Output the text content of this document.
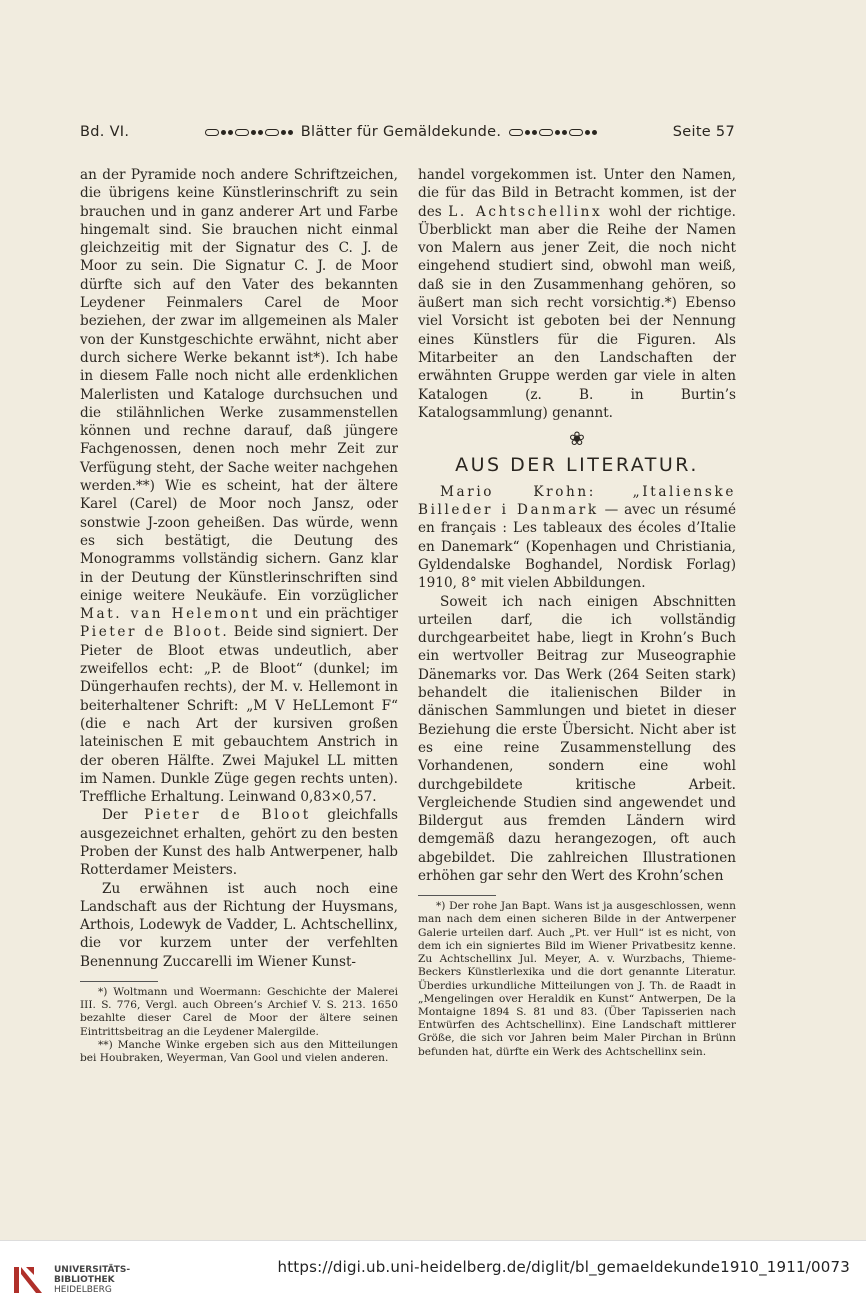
Bd. VI.	Blätter für Gemäldekunde.	Seite 57

an der Pyramide noch andere Schriftzeichen, die übrigens keine Künstlerinschrift zu sein brauchen und in ganz anderer Art und Farbe hingemalt sind. Sie brauchen nicht einmal gleichzeitig mit der Signatur des C. J. de Moor zu sein. Die Signatur C. J. de Moor dürfte sich auf den Vater des bekannten Leydener Feinmalers Carel de Moor beziehen, der zwar im allgemeinen als Maler von der Kunstgeschichte erwähnt, nicht aber durch sichere Werke bekannt ist*). Ich habe in diesem Falle noch nicht alle erdenklichen Malerlisten und Kataloge durchsuchen und die stilähnlichen Werke zusammenstellen können und rechne darauf, daß jüngere Fachgenossen, denen noch mehr Zeit zur Verfügung steht, der Sache weiter nachgehen werden.**) Wie es scheint, hat der ältere Karel (Carel) de Moor noch Jansz, oder sonstwie J-zoon geheißen. Das würde, wenn es sich bestätigt, die Deutung des Monogramms vollständig sichern. Ganz klar in der Deutung der Künstlerinschriften sind einige weitere Neukäufe. Ein vorzüglicher Mat. van Helemont und ein prächtiger Pieter de Bloot. Beide sind signiert. Der Pieter de Bloot etwas undeutlich, aber zweifellos echt: „P. de Bloot“ (dunkel; im Düngerhaufen rechts), der M. v. Hellemont in beiterhaltener Schrift: „M V HeLLemont F“ (die e nach Art der kursiven großen lateinischen E mit gebauchtem Anstrich in der oberen Hälfte. Zwei Majukel LL mitten im Namen. Dunkle Züge gegen rechts unten). Treffliche Erhaltung. Leinwand 0,83×0,57.

Der Pieter de Bloot gleichfalls ausgezeichnet erhalten, gehört zu den besten Proben der Kunst des halb Antwerpener, halb Rotterdamer Meisters.

Zu erwähnen ist auch noch eine Landschaft aus der Richtung der Huysmans, Arthois, Lodewyk de Vadder, L. Achtschellinx, die vor kurzem unter der verfehlten Benennung Zuccarelli im Wiener Kunst-

*) Woltmann und Woermann: Geschichte der Malerei III. S. 776, Vergl. auch Obreen’s Archief V. S. 213. 1650 bezahlte dieser Carel de Moor der ältere seinen Eintrittsbeitrag an die Leydener Malergilde.

**) Manche Winke ergeben sich aus den Mitteilungen bei Houbraken, Weyerman, Van Gool und vielen anderen.

handel vorgekommen ist. Unter den Namen, die für das Bild in Betracht kommen, ist der des L. Achtschellinx wohl der richtige. Überblickt man aber die Reihe der Namen von Malern aus jener Zeit, die noch nicht eingehend studiert sind, obwohl man weiß, daß sie in den Zusammenhang gehören, so äußert man sich recht vorsichtig.*) Ebenso viel Vorsicht ist geboten bei der Nennung eines Künstlers für die Figuren. Als Mitarbeiter an den Landschaften der erwähnten Gruppe werden gar viele in alten Katalogen (z. B. in Burtin’s Katalogsammlung) genannt.

❀
AUS DER LITERATUR.

Mario Krohn:	„Italienske Billeder i Danmark — avec un résumé en français : Les tableaux des écoles d’Italie en Danemark“ (Kopenhagen und Christiania, Gyldendalske Boghandel, Nordisk Forlag) 1910, 8° mit vielen Abbildungen.

Soweit ich nach einigen Abschnitten urteilen darf, die ich vollständig durchgearbeitet habe, liegt in Krohn’s Buch ein wertvoller Beitrag zur Museographie Dänemarks vor. Das Werk (264 Seiten stark) behandelt die italienischen Bilder in dänischen Sammlungen und bietet in dieser Beziehung die erste Übersicht. Nicht aber ist es eine reine Zusammenstellung des Vorhandenen, sondern eine wohl durchgebildete kritische Arbeit. Vergleichende Studien sind angewendet und Bildergut aus fremden Ländern wird demgemäß dazu herangezogen, oft auch abgebildet. Die zahlreichen Illustrationen erhöhen gar sehr den Wert des Krohn’schen

*) Der rohe Jan Bapt. Wans ist ja ausgeschlossen, wenn man nach dem einen sicheren Bilde in der Antwerpener Galerie urteilen darf. Auch „Pt. ver Hull“ ist es nicht, von dem ich ein signiertes Bild im Wiener Privatbesitz kenne. Zu Achtschellinx Jul. Meyer, A. v. Wurzbachs, Thieme-Beckers Künstlerlexika und die dort genannte Literatur. Überdies urkundliche Mitteilungen von J. Th. de Raadt in „Mengelingen over Heraldik en Kunst“ Antwerpen, De la Montaigne 1894 S. 81 und 83. (Über Tapisserien nach Entwürfen des Achtschellinx). Eine Landschaft mittlerer Größe, die sich vor Jahren beim Maler Pirchan in Brünn befunden hat, dürfte ein Werk des Achtschellinx sein.

UNIVERSITÄTS-
BIBLIOTHEK
HEIDELBERG
https://digi.ub.uni-heidelberg.de/diglit/bl_gemaeldekunde1910_1911/0073
